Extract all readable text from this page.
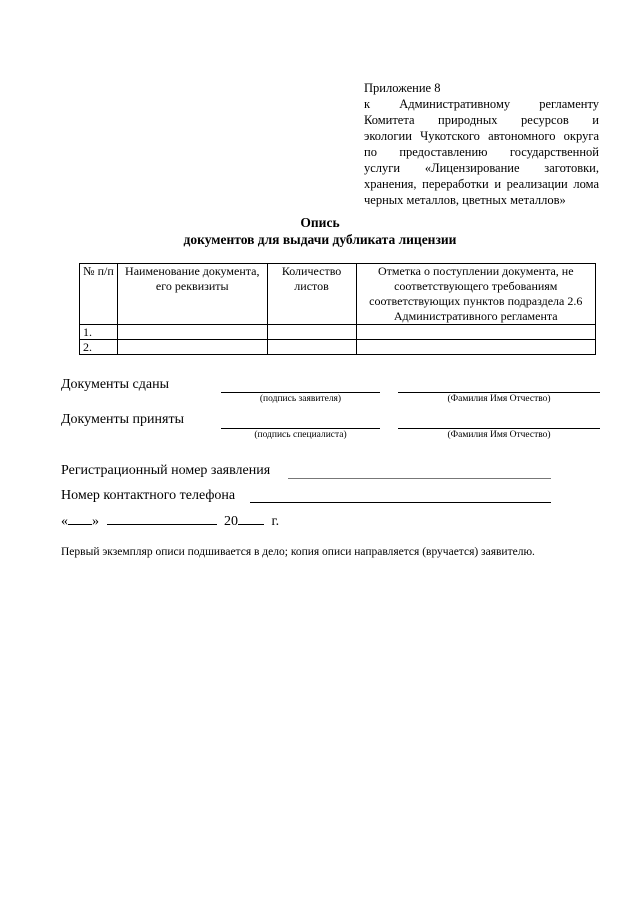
Приложение 8
к Административному регламенту
Комитета природных ресурсов и
экологии Чукотского автономного округа
по предоставлению государственной
услуги «Лицензирование заготовки,
хранения, переработки и реализации лома
черных металлов, цветных металлов»
Опись
документов для выдачи дубликата лицензии
№ п/п	Наименование документа, его реквизиты	Количество листов	Отметка о поступлении документа, не соответствующего требованиям соответствующих пунктов подраздела 2.6 Административного регламента
1.			
2.			
Документы сданы
(подпись заявителя)	(Фамилия Имя Отчество)
Документы приняты
(подпись специалиста)	(Фамилия Имя Отчество)
Регистрационный номер заявления
Номер контактного телефона
« »	20 г.
Первый экземпляр описи подшивается в дело; копия описи направляется (вручается) заявителю.
